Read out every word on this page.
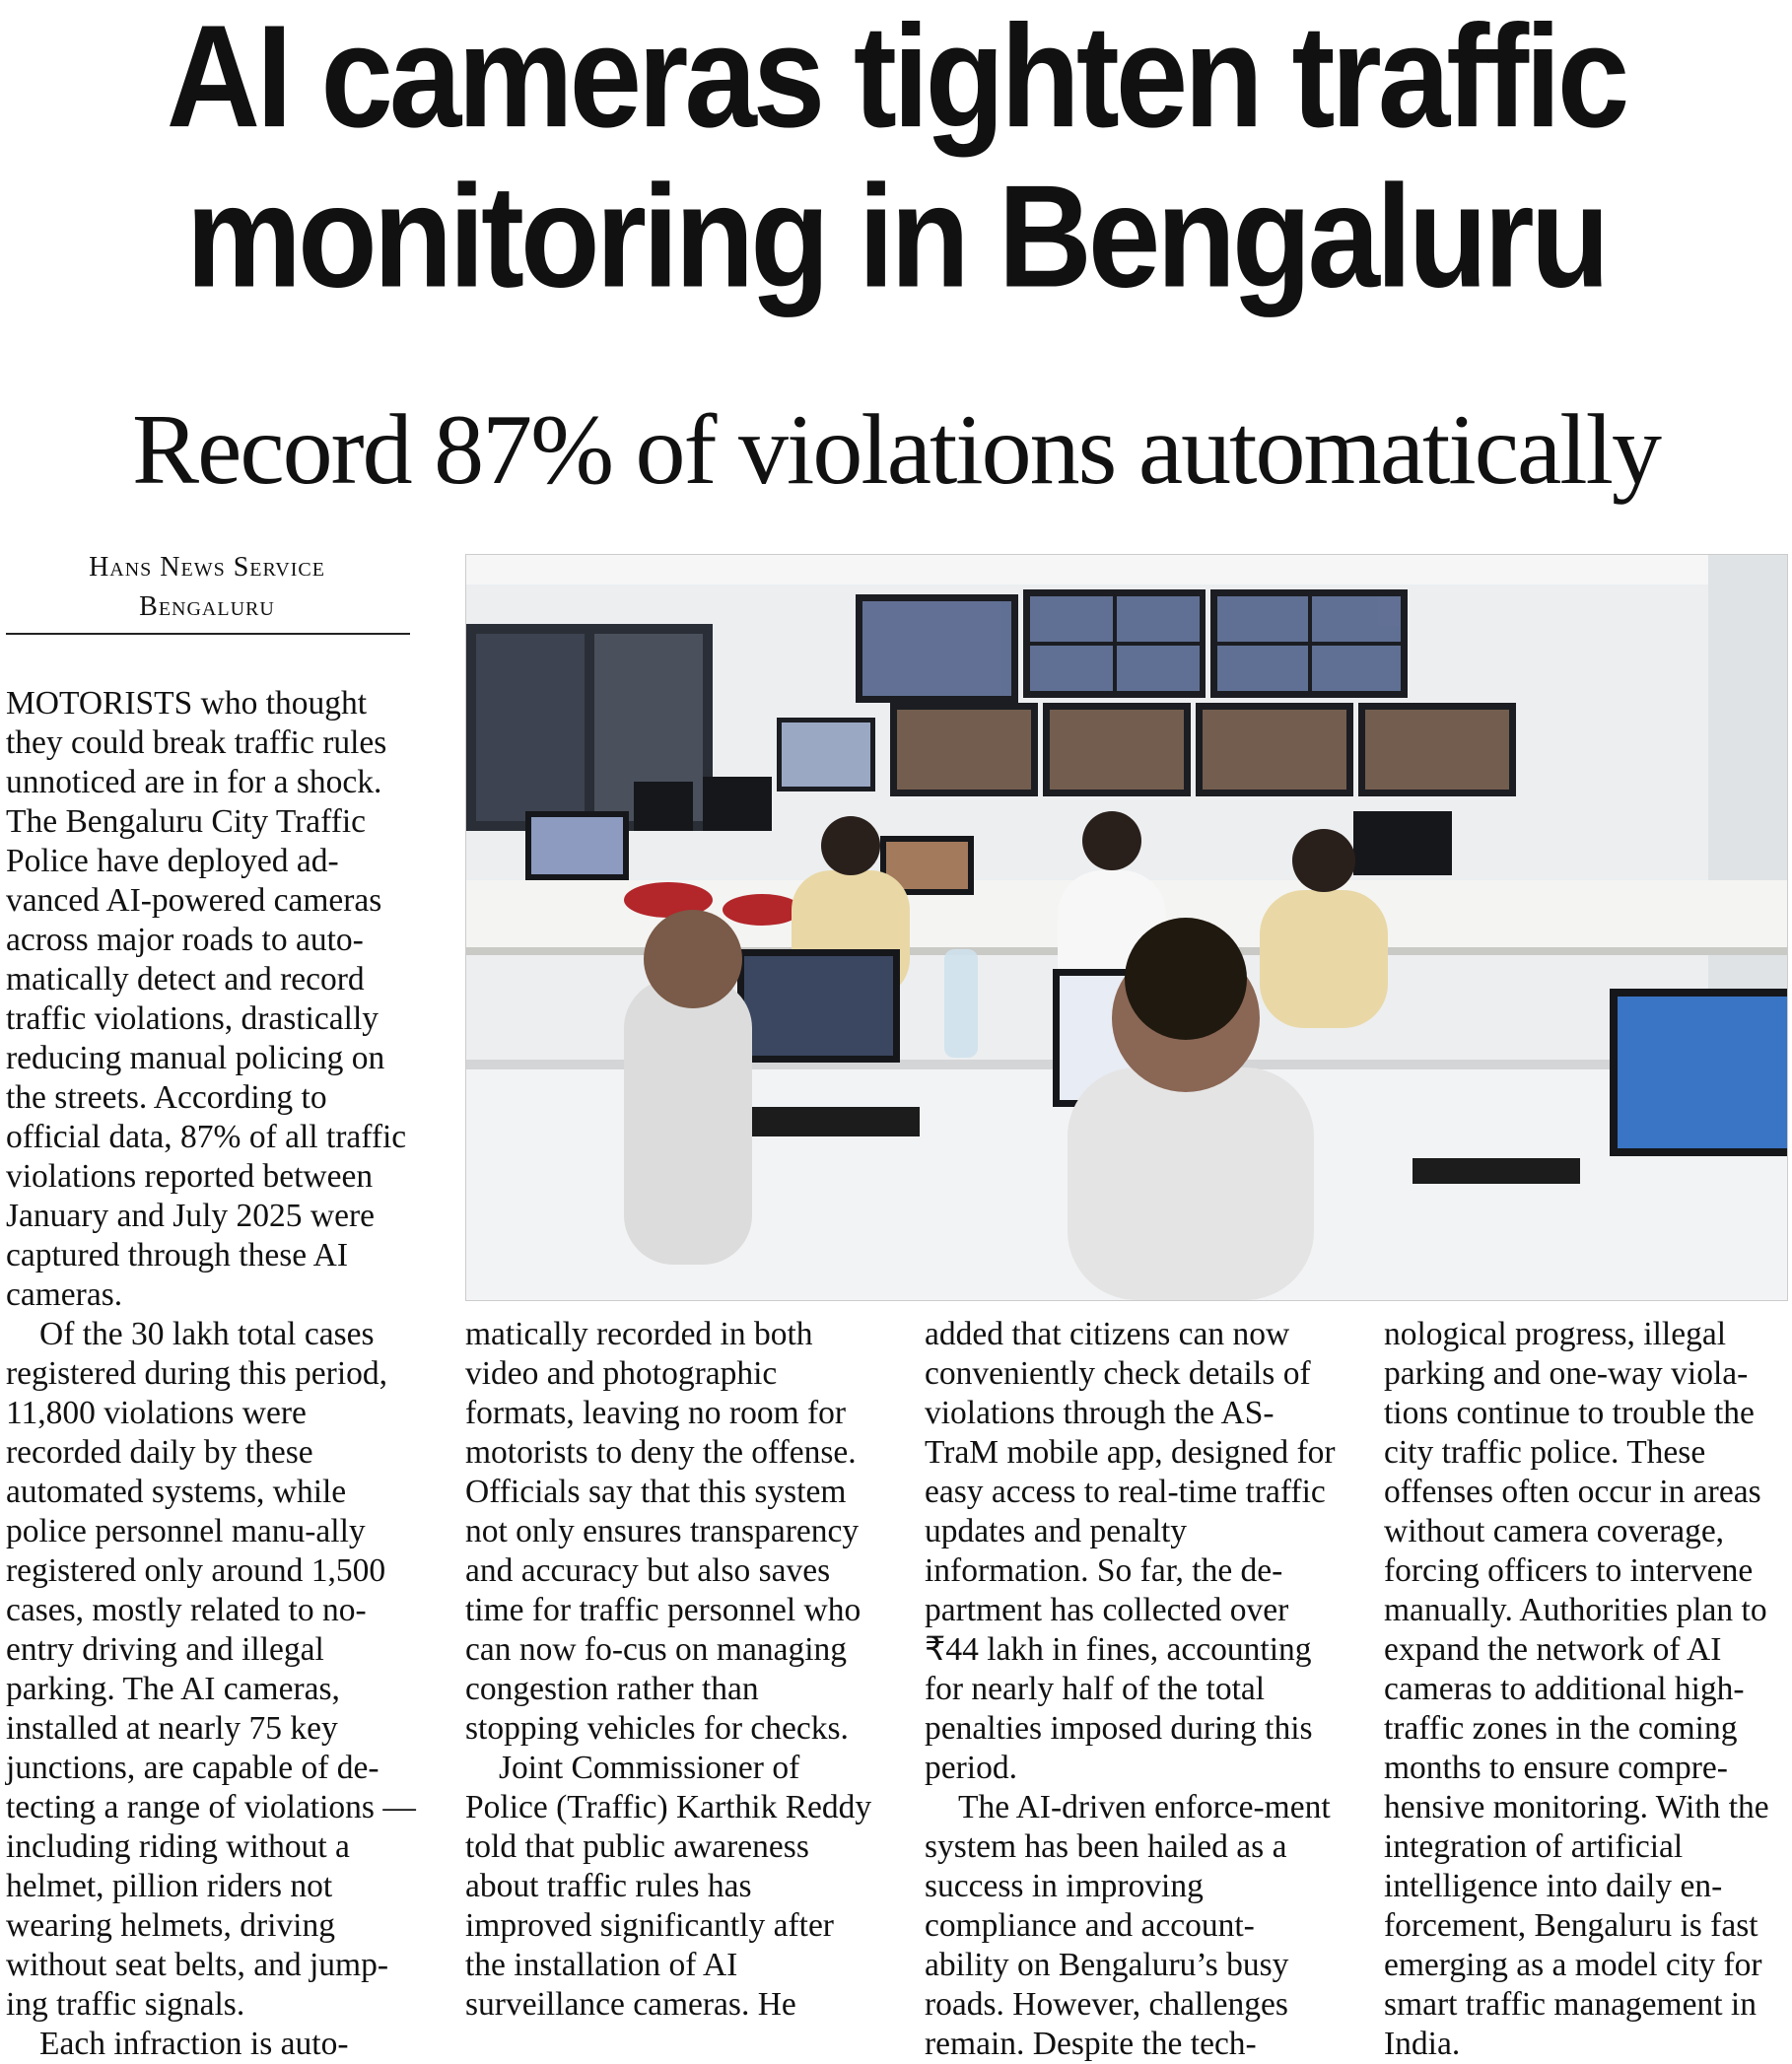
AI cameras tighten traffic
monitoring in Bengaluru
Record 87% of violations automatically
Hans News Service
Bengaluru

MOTORISTS who thought they could break traffic rules unnoticed are in for a shock. The Bengaluru City Traffic Police have deployed ad-vanced AI-powered cameras across major roads to auto-matically detect and record traffic violations, drastically reducing manual policing on the streets. According to official data, 87% of all traffic violations reported between January and July 2025 were captured through these AI cameras.

Of the 30 lakh total cases registered during this period, 11,800 violations were recorded daily by these automated systems, while police personnel manu-ally registered only around 1,500 cases, mostly related to no-entry driving and illegal parking. The AI cameras, installed at nearly 75 key junctions, are capable of de-tecting a range of violations — including riding without a helmet, pillion riders not wearing helmets, driving without seat belts, and jump-ing traffic signals.

Each infraction is auto-

matically recorded in both video and photographic formats, leaving no room for motorists to deny the offense. Officials say that this system not only ensures transparency and accuracy but also saves time for traffic personnel who can now fo-cus on managing congestion rather than stopping vehicles for checks.

Joint Commissioner of Police (Traffic) Karthik Reddy told that public awareness about traffic rules has improved significantly after the installation of AI surveillance cameras. He

added that citizens can now conveniently check details of violations through the AS-TraM mobile app, designed for easy access to real-time traffic updates and penalty information. So far, the de-partment has collected over ₹44 lakh in fines, accounting for nearly half of the total penalties imposed during this period.

The AI-driven enforce-ment system has been hailed as a success in improving compliance and account-ability on Bengaluru’s busy roads. However, challenges remain. Despite the tech-

nological progress, illegal parking and one-way viola-tions continue to trouble the city traffic police. These offenses often occur in areas without camera coverage, forcing officers to intervene manually. Authorities plan to expand the network of AI cameras to additional high-traffic zones in the coming months to ensure compre-hensive monitoring. With the integration of artificial intelligence into daily en-forcement, Bengaluru is fast emerging as a model city for smart traffic management in India.
